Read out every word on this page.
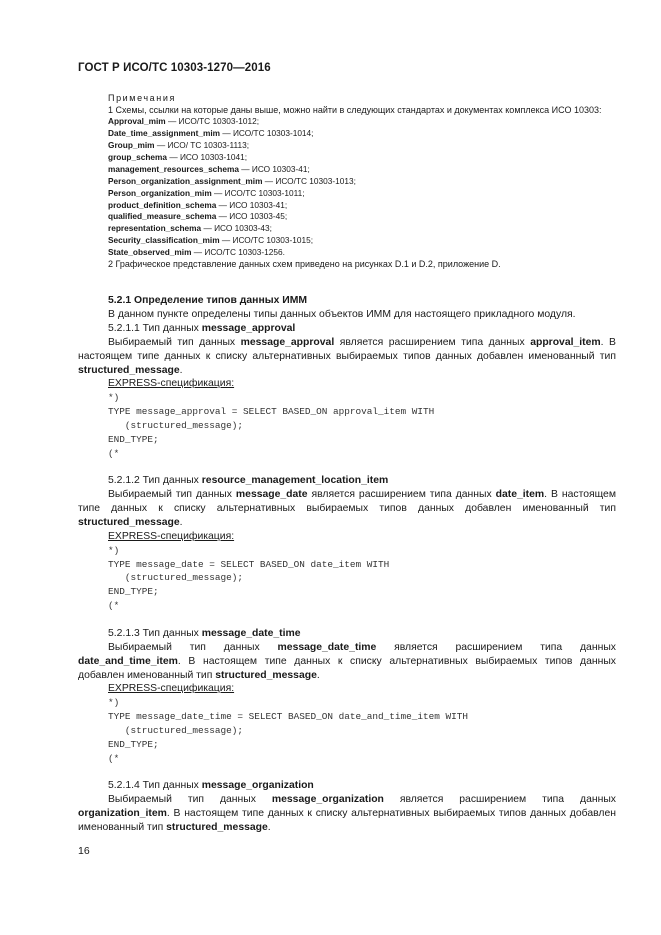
ГОСТ Р ИСО/ТС 10303-1270—2016
Примечания
1 Схемы, ссылки на которые даны выше, можно найти в следующих стандартах и документах комплекса ИСО 10303:
Approval_mim — ИСО/ТС 10303-1012;
Date_time_assignment_mim — ИСО/ТС 10303-1014;
Group_mim — ИСО/ ТС 10303-1113;
group_schema — ИСО 10303-1041;
management_resources_schema — ИСО 10303-41;
Person_organization_assignment_mim — ИСО/ТС 10303-1013;
Person_organization_mim — ИСО/ТС 10303-1011;
product_definition_schema — ИСО 10303-41;
qualified_measure_schema — ИСО 10303-45;
representation_schema — ИСО 10303-43;
Security_classification_mim — ИСО/ТС 10303-1015;
State_observed_mim — ИСО/ТС 10303-1256.
2 Графическое представление данных схем приведено на рисунках D.1 и D.2, приложение D.
5.2.1 Определение типов данных ИММ
В данном пункте определены типы данных объектов ИММ для настоящего прикладного модуля.
5.2.1.1 Тип данных message_approval
Выбираемый тип данных message_approval является расширением типа данных approval_item. В настоящем типе данных к списку альтернативных выбираемых типов данных добавлен именованный тип structured_message.
EXPRESS-спецификация:
*)
TYPE message_approval = SELECT BASED_ON approval_item WITH
(structured_message);
END_TYPE;
(*
5.2.1.2 Тип данных resource_management_location_item
Выбираемый тип данных message_date является расширением типа данных date_item. В настоящем типе данных к списку альтернативных выбираемых типов данных добавлен именованный тип structured_message.
EXPRESS-спецификация:
*)
TYPE message_date = SELECT BASED_ON date_item WITH
(structured_message);
END_TYPE;
(*
5.2.1.3 Тип данных message_date_time
Выбираемый тип данных message_date_time является расширением типа данных date_and_time_item. В настоящем типе данных к списку альтернативных выбираемых типов данных добавлен именованный тип structured_message.
EXPRESS-спецификация:
*)
TYPE message_date_time = SELECT BASED_ON date_and_time_item WITH
(structured_message);
END_TYPE;
(*
5.2.1.4 Тип данных message_organization
Выбираемый тип данных message_organization является расширением типа данных organization_item. В настоящем типе данных к списку альтернативных выбираемых типов данных добавлен именованный тип structured_message.
16
